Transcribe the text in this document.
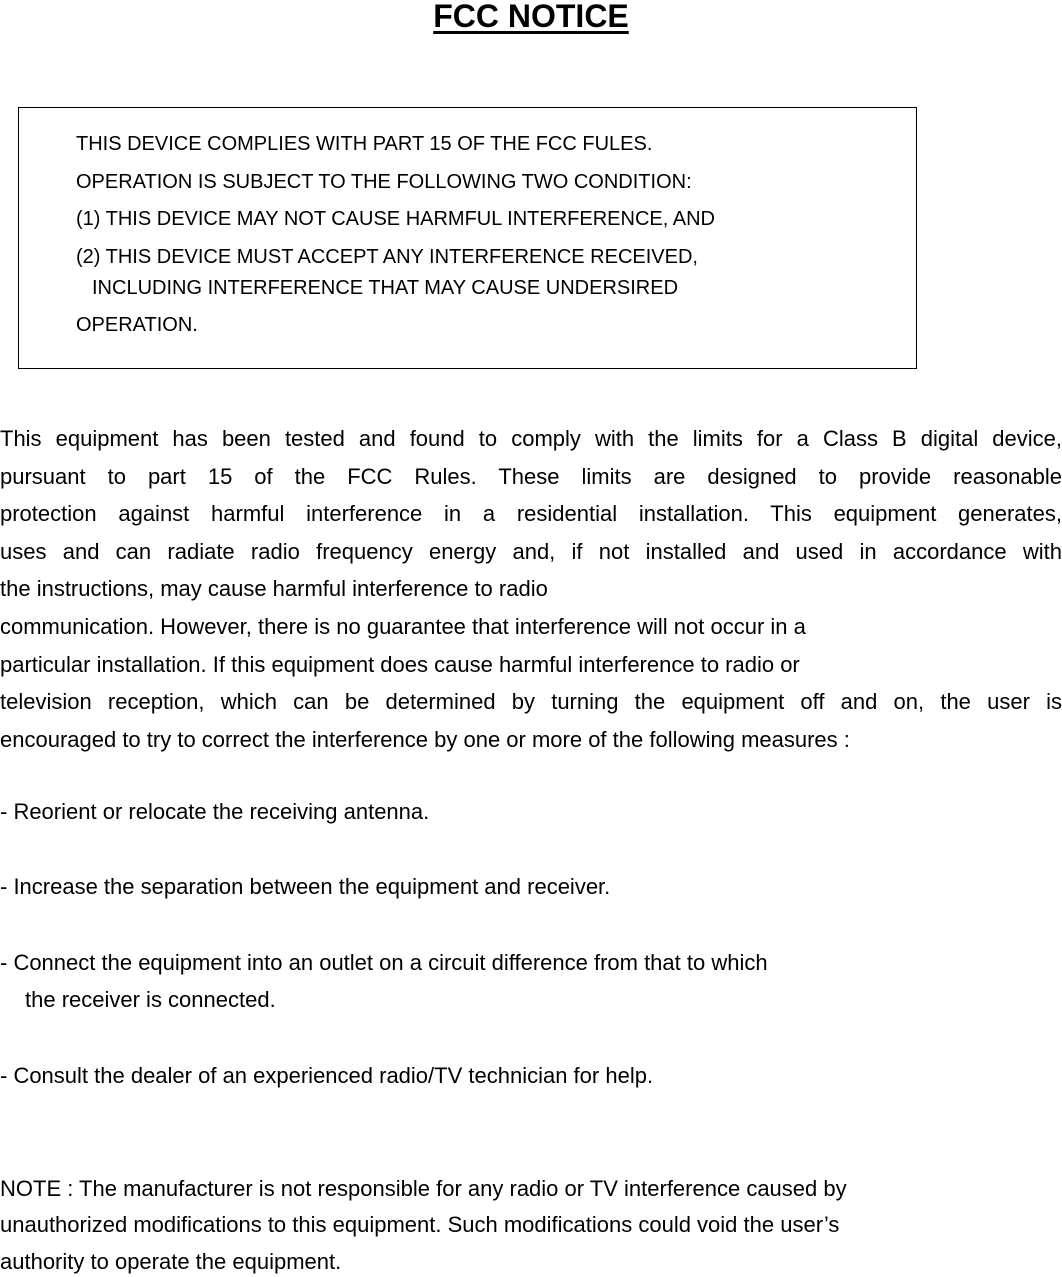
FCC NOTICE

THIS DEVICE COMPLIES WITH PART 15 OF THE FCC FULES.

OPERATION IS SUBJECT TO THE FOLLOWING TWO CONDITION:

(1) THIS DEVICE MAY NOT CAUSE HARMFUL INTERFERENCE, AND

(2) THIS DEVICE MUST ACCEPT ANY INTERFERENCE RECEIVED,

INCLUDING INTERFERENCE THAT MAY CAUSE UNDERSIRED

OPERATION.

This equipment has been tested and found to comply with the limits for a Class B digital device,
pursuant to part 15 of the FCC Rules. These limits are designed to provide reasonable
protection against harmful interference in a residential installation. This equipment generates,
uses and can radiate radio frequency energy and, if not installed and used in accordance with
the instructions, may cause harmful interference to radio
communication. However, there is no guarantee that interference will not occur in a
particular installation. If this equipment does cause harmful interference to radio or
television reception, which can be determined by turning the equipment off and on, the user is
encouraged to try to correct the interference by one or more of the following measures :

- Reorient or relocate the receiving antenna.

- Increase the separation between the equipment and receiver.

- Connect the equipment into an outlet on a circuit difference from that to which

the receiver is connected.

- Consult the dealer of an experienced radio/TV technician for help.

NOTE : The manufacturer is not responsible for any radio or TV interference caused by

unauthorized modifications to this equipment. Such modifications could void the user’s

authority to operate the equipment.
